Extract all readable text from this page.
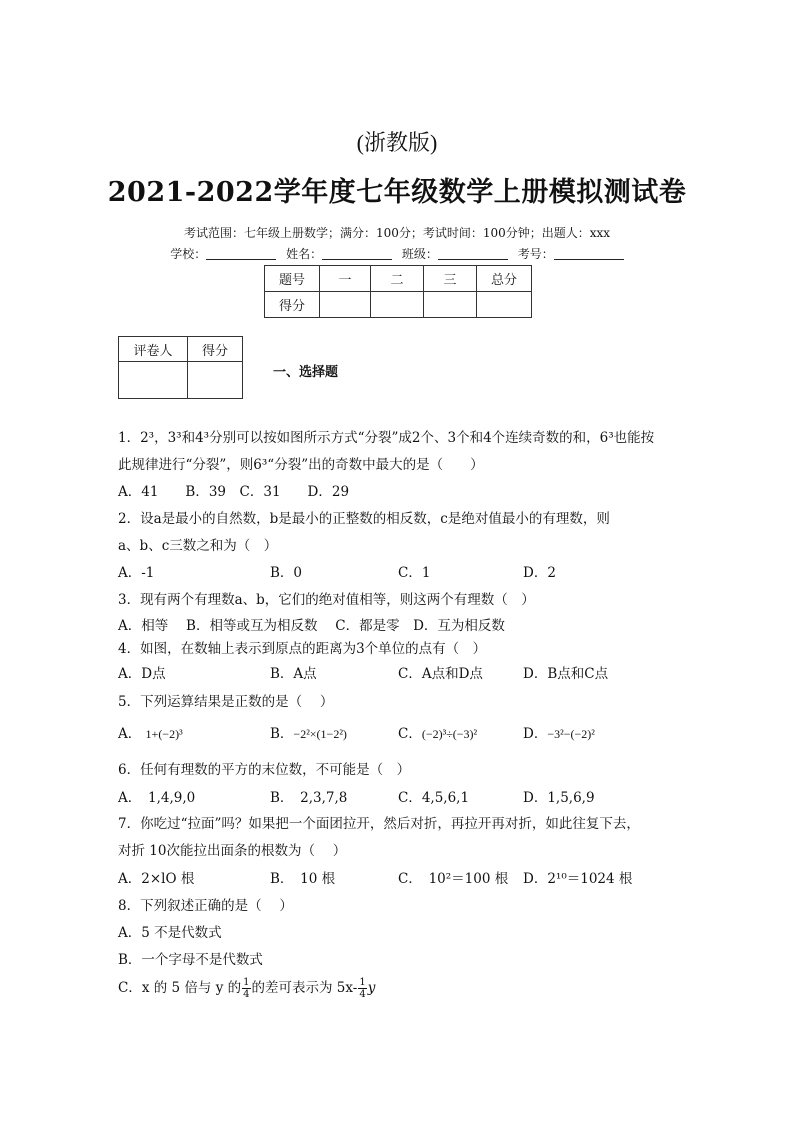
(浙教版)
2021-2022学年度七年级数学上册模拟测试卷
考试范围：七年级上册数学；满分：100分；考试时间：100分钟；出题人：xxx
学校：	姓名：	班级：	考号：
题号	一	二	三	总分
得分				
评卷人	得分

一、选择题
1．2³，3³和4³分别可以按如图所示方式“分裂”成2个、3个和4个连续奇数的和，6³也能按
此规律进行“分裂”，则6³“分裂”出的奇数中最大的是（　　）
A．41　　B．39　C．31　　D．29
2．设a是最小的自然数，b是最小的正整数的相反数，c是绝对值最小的有理数，则
a、b、c三数之和为（　）
A．-1	B．0	C．1	D．2
3．现有两个有理数a、b，它们的绝对值相等，则这两个有理数（　）
A．相等　 B．相等或互为相反数　 C．都是零　D．互为相反数
4．如图，在数轴上表示到原点的距离为3个单位的点有（　）
A．D点	B．A点	C．A点和D点	D．B点和C点
5．下列运算结果是正数的是（　 ）
A． 1+(−2)³	B．−2²×(1−2²)	C．(−2)³÷(−3)²	D．−3²−(−2)²
6．任何有理数的平方的末位数，不可能是（　）
A．　1,4,9,0	B．　2,3,7,8	C．4,5,6,1	D．1,5,6,9
7．你吃过“拉面”吗？如果把一个面团拉开，然后对折，再拉开再对折，如此往复下去，
对折 10次能拉出面条的根数为（　 ）
A．2×lO 根	B．　10 根	C．　10²＝100 根 D．2¹⁰＝1024 根
8．下列叙述正确的是（　 ）
A．5 不是代数式
B．一个字母不是代数式
C．x 的 5 倍与 y 的 $\frac{1}{4}$ 的差可表示为 $5x- \frac{1}{4}$ y
